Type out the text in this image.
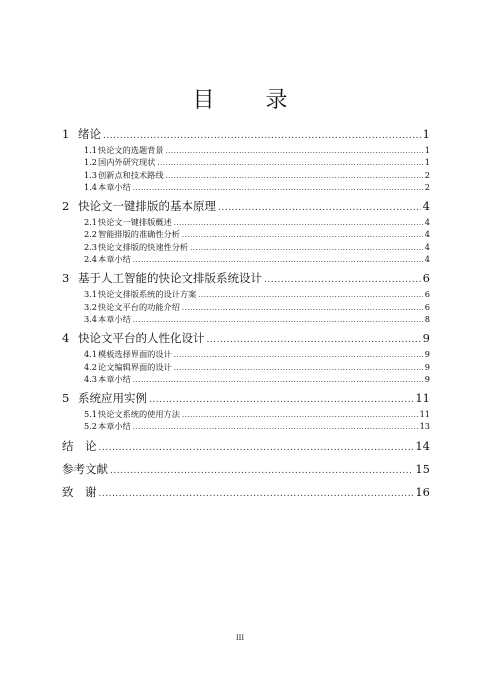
目 录
1 绪论 .....	1
1.1快论文的选题背景 .....	1
1.2国内外研究现状 .....	1
1.3创新点和技术路线 .....	2
1.4本章小结 .....	2
2 快论文一键排版的基本原理 .....	4
2.1快论文一键排版概述 .....	4
2.2智能排版的准确性分析 .....	4
2.3快论文排版的快速性分析 .....	4
2.4本章小结 .....	4
3 基于人工智能的快论文排版系统设计 .....	6
3.1快论文排版系统的设计方案 .....	6
3.2快论文平台的功能介绍 .....	6
3.4本章小结 .....	8
4 快论文平台的人性化设计 .....	9
4.1模板选择界面的设计 .....	9
4.2论文编辑界面的设计 .....	9
4.3本章小结 .....	9
5 系统应用实例 .....	11
5.1快论文系统的使用方法 .....	11
5.2本章小结 .....	13
结　论 .....	14
参考文献 .....	15
致　谢 .....	16
III
